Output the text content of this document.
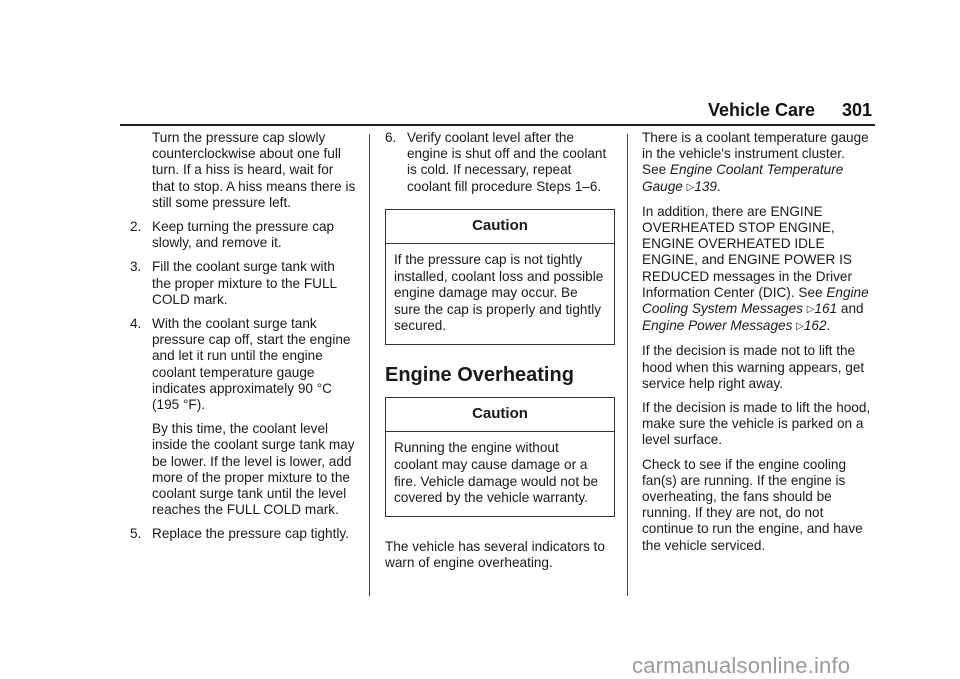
Vehicle Care 301

Turn the pressure cap slowly counterclockwise about one full turn. If a hiss is heard, wait for that to stop. A hiss means there is still some pressure left.

2. Keep turning the pressure cap slowly, and remove it.
3. Fill the coolant surge tank with the proper mixture to the FULL COLD mark.
4. With the coolant surge tank pressure cap off, start the engine and let it run until the engine coolant temperature gauge indicates approximately 90 °C (195 °F).

By this time, the coolant level inside the coolant surge tank may be lower. If the level is lower, add more of the proper mixture to the coolant surge tank until the level reaches the FULL COLD mark.

5. Replace the pressure cap tightly.
6. Verify coolant level after the engine is shut off and the coolant is cold. If necessary, repeat coolant fill procedure Steps 1–6.
Caution
If the pressure cap is not tightly installed, coolant loss and possible engine damage may occur. Be sure the cap is properly and tightly secured.
Engine Overheating
Caution
Running the engine without coolant may cause damage or a fire. Vehicle damage would not be covered by the vehicle warranty.

The vehicle has several indicators to warn of engine overheating.

There is a coolant temperature gauge in the vehicle's instrument cluster. See Engine Coolant Temperature Gauge ▷139.

In addition, there are ENGINE OVERHEATED STOP ENGINE, ENGINE OVERHEATED IDLE ENGINE, and ENGINE POWER IS REDUCED messages in the Driver Information Center (DIC). See Engine Cooling System Messages ▷161 and Engine Power Messages ▷162.

If the decision is made not to lift the hood when this warning appears, get service help right away.

If the decision is made to lift the hood, make sure the vehicle is parked on a level surface.

Check to see if the engine cooling fan(s) are running. If the engine is overheating, the fans should be running. If they are not, do not continue to run the engine, and have the vehicle serviced.

carmanualsonline.info
